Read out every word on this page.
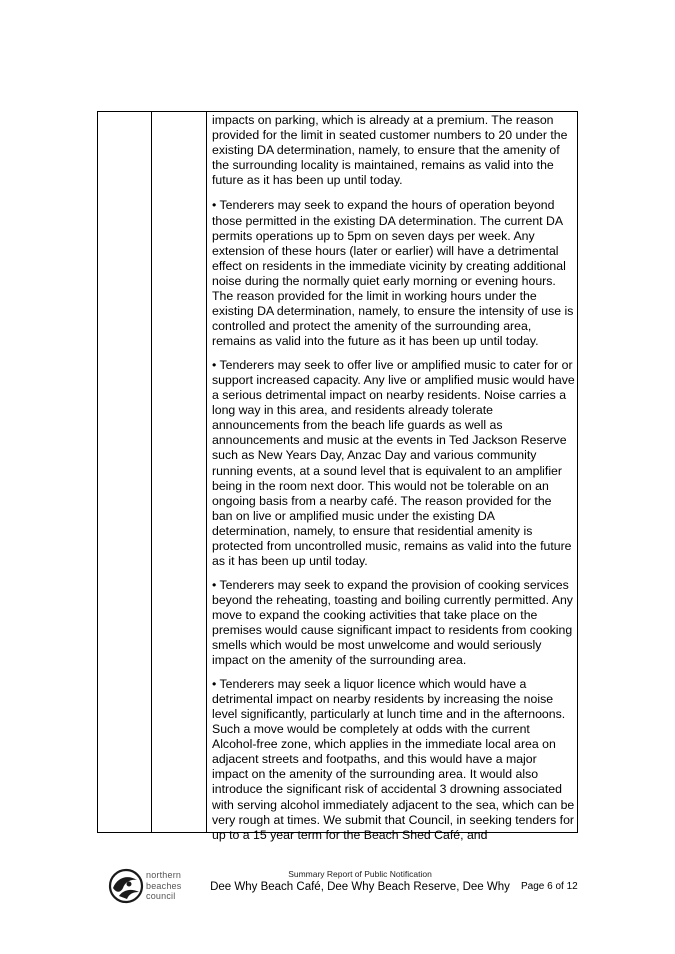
impacts on parking, which is already at a premium. The reason provided for the limit in seated customer numbers to 20 under the existing DA determination, namely, to ensure that the amenity of the surrounding locality is maintained, remains as valid into the future as it has been up until today.

• Tenderers may seek to expand the hours of operation beyond those permitted in the existing DA determination. The current DA permits operations up to 5pm on seven days per week. Any extension of these hours (later or earlier) will have a detrimental effect on residents in the immediate vicinity by creating additional noise during the normally quiet early morning or evening hours. The reason provided for the limit in working hours under the existing DA determination, namely, to ensure the intensity of use is controlled and protect the amenity of the surrounding area, remains as valid into the future as it has been up until today.

• Tenderers may seek to offer live or amplified music to cater for or support increased capacity. Any live or amplified music would have a serious detrimental impact on nearby residents. Noise carries a long way in this area, and residents already tolerate announcements from the beach life guards as well as announcements and music at the events in Ted Jackson Reserve such as New Years Day, Anzac Day and various community running events, at a sound level that is equivalent to an amplifier being in the room next door. This would not be tolerable on an ongoing basis from a nearby café. The reason provided for the ban on live or amplified music under the existing DA determination, namely, to ensure that residential amenity is protected from uncontrolled music, remains as valid into the future as it has been up until today.

• Tenderers may seek to expand the provision of cooking services beyond the reheating, toasting and boiling currently permitted. Any move to expand the cooking activities that take place on the premises would cause significant impact to residents from cooking smells which would be most unwelcome and would seriously impact on the amenity of the surrounding area.

• Tenderers may seek a liquor licence which would have a detrimental impact on nearby residents by increasing the noise level significantly, particularly at lunch time and in the afternoons. Such a move would be completely at odds with the current Alcohol-free zone, which applies in the immediate local area on adjacent streets and footpaths, and this would have a major impact on the amenity of the surrounding area. It would also introduce the significant risk of accidental 3 drowning associated with serving alcohol immediately adjacent to the sea, which can be very rough at times. We submit that Council, in seeking tenders for up to a 15 year term for the Beach Shed Café, and

northern
beaches
council
Summary Report of Public Notification
Dee Why Beach Café, Dee Why Beach Reserve, Dee Why	Page 6 of 12
